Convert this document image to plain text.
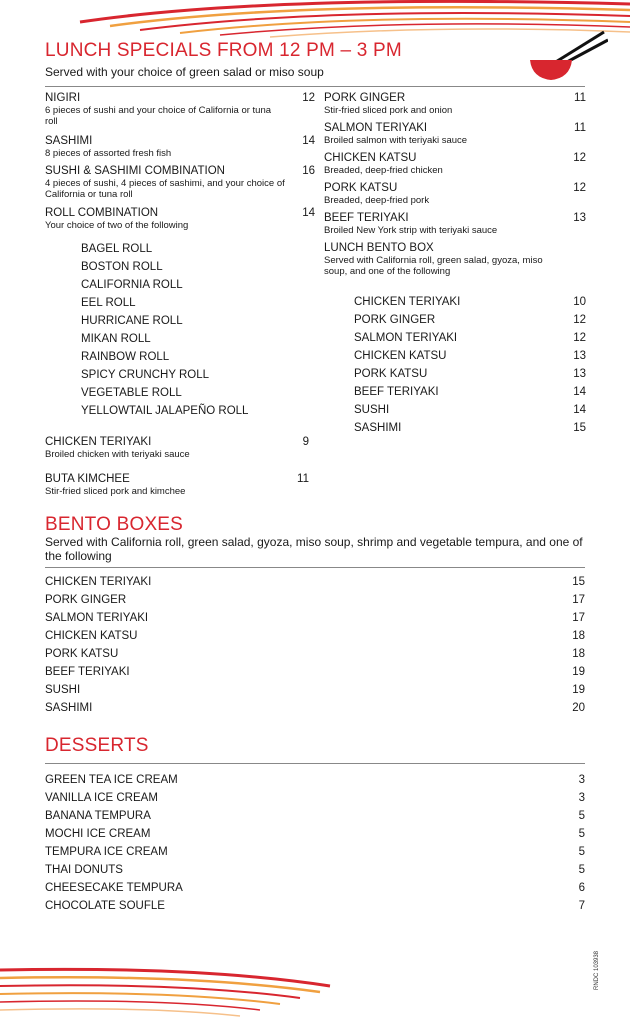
LUNCH SPECIALS FROM 12 PM – 3 PM
Served with your choice of green salad or miso soup
NIGIRI
6 pieces of sushi and your choice of California or tuna roll
12
SASHIMI
8 pieces of assorted fresh fish
14
SUSHI & SASHIMI COMBINATION
4 pieces of sushi, 4 pieces of sashimi, and your choice of California or tuna roll
16
ROLL COMBINATION
Your choice of two of the following
14
BAGEL ROLL
BOSTON ROLL
CALIFORNIA ROLL
EEL ROLL
HURRICANE ROLL
MIKAN ROLL
RAINBOW ROLL
SPICY CRUNCHY ROLL
VEGETABLE ROLL
YELLOWTAIL JALAPEÑO ROLL
CHICKEN TERIYAKI
Broiled chicken with teriyaki sauce
9
BUTA KIMCHEE
Stir-fried sliced pork and kimchee
11
PORK GINGER
Stir-fried sliced pork and onion
11
SALMON TERIYAKI
Broiled salmon with teriyaki sauce
11
CHICKEN KATSU
Breaded, deep-fried chicken
12
PORK KATSU
Breaded, deep-fried pork
12
BEEF TERIYAKI
Broiled New York strip with teriyaki sauce
13
LUNCH BENTO BOX
Served with California roll, green salad, gyoza, miso soup, and one of the following
CHICKEN TERIYAKI	10
PORK GINGER	12
SALMON TERIYAKI	12
CHICKEN KATSU	13
PORK KATSU	13
BEEF TERIYAKI	14
SUSHI	14
SASHIMI	15
BENTO BOXES
Served with California roll, green salad, gyoza, miso soup, shrimp and vegetable tempura, and one of the following
CHICKEN TERIYAKI	15
PORK GINGER	17
SALMON TERIYAKI	17
CHICKEN KATSU	18
PORK KATSU	18
BEEF TERIYAKI	19
SUSHI	19
SASHIMI	20
DESSERTS
GREEN TEA ICE CREAM	3
VANILLA ICE CREAM	3
BANANA TEMPURA	5
MOCHI ICE CREAM	5
TEMPURA ICE CREAM	5
THAI DONUTS	5
CHEESECAKE TEMPURA	6
CHOCOLATE SOUFLE	7
RNDC 103938
